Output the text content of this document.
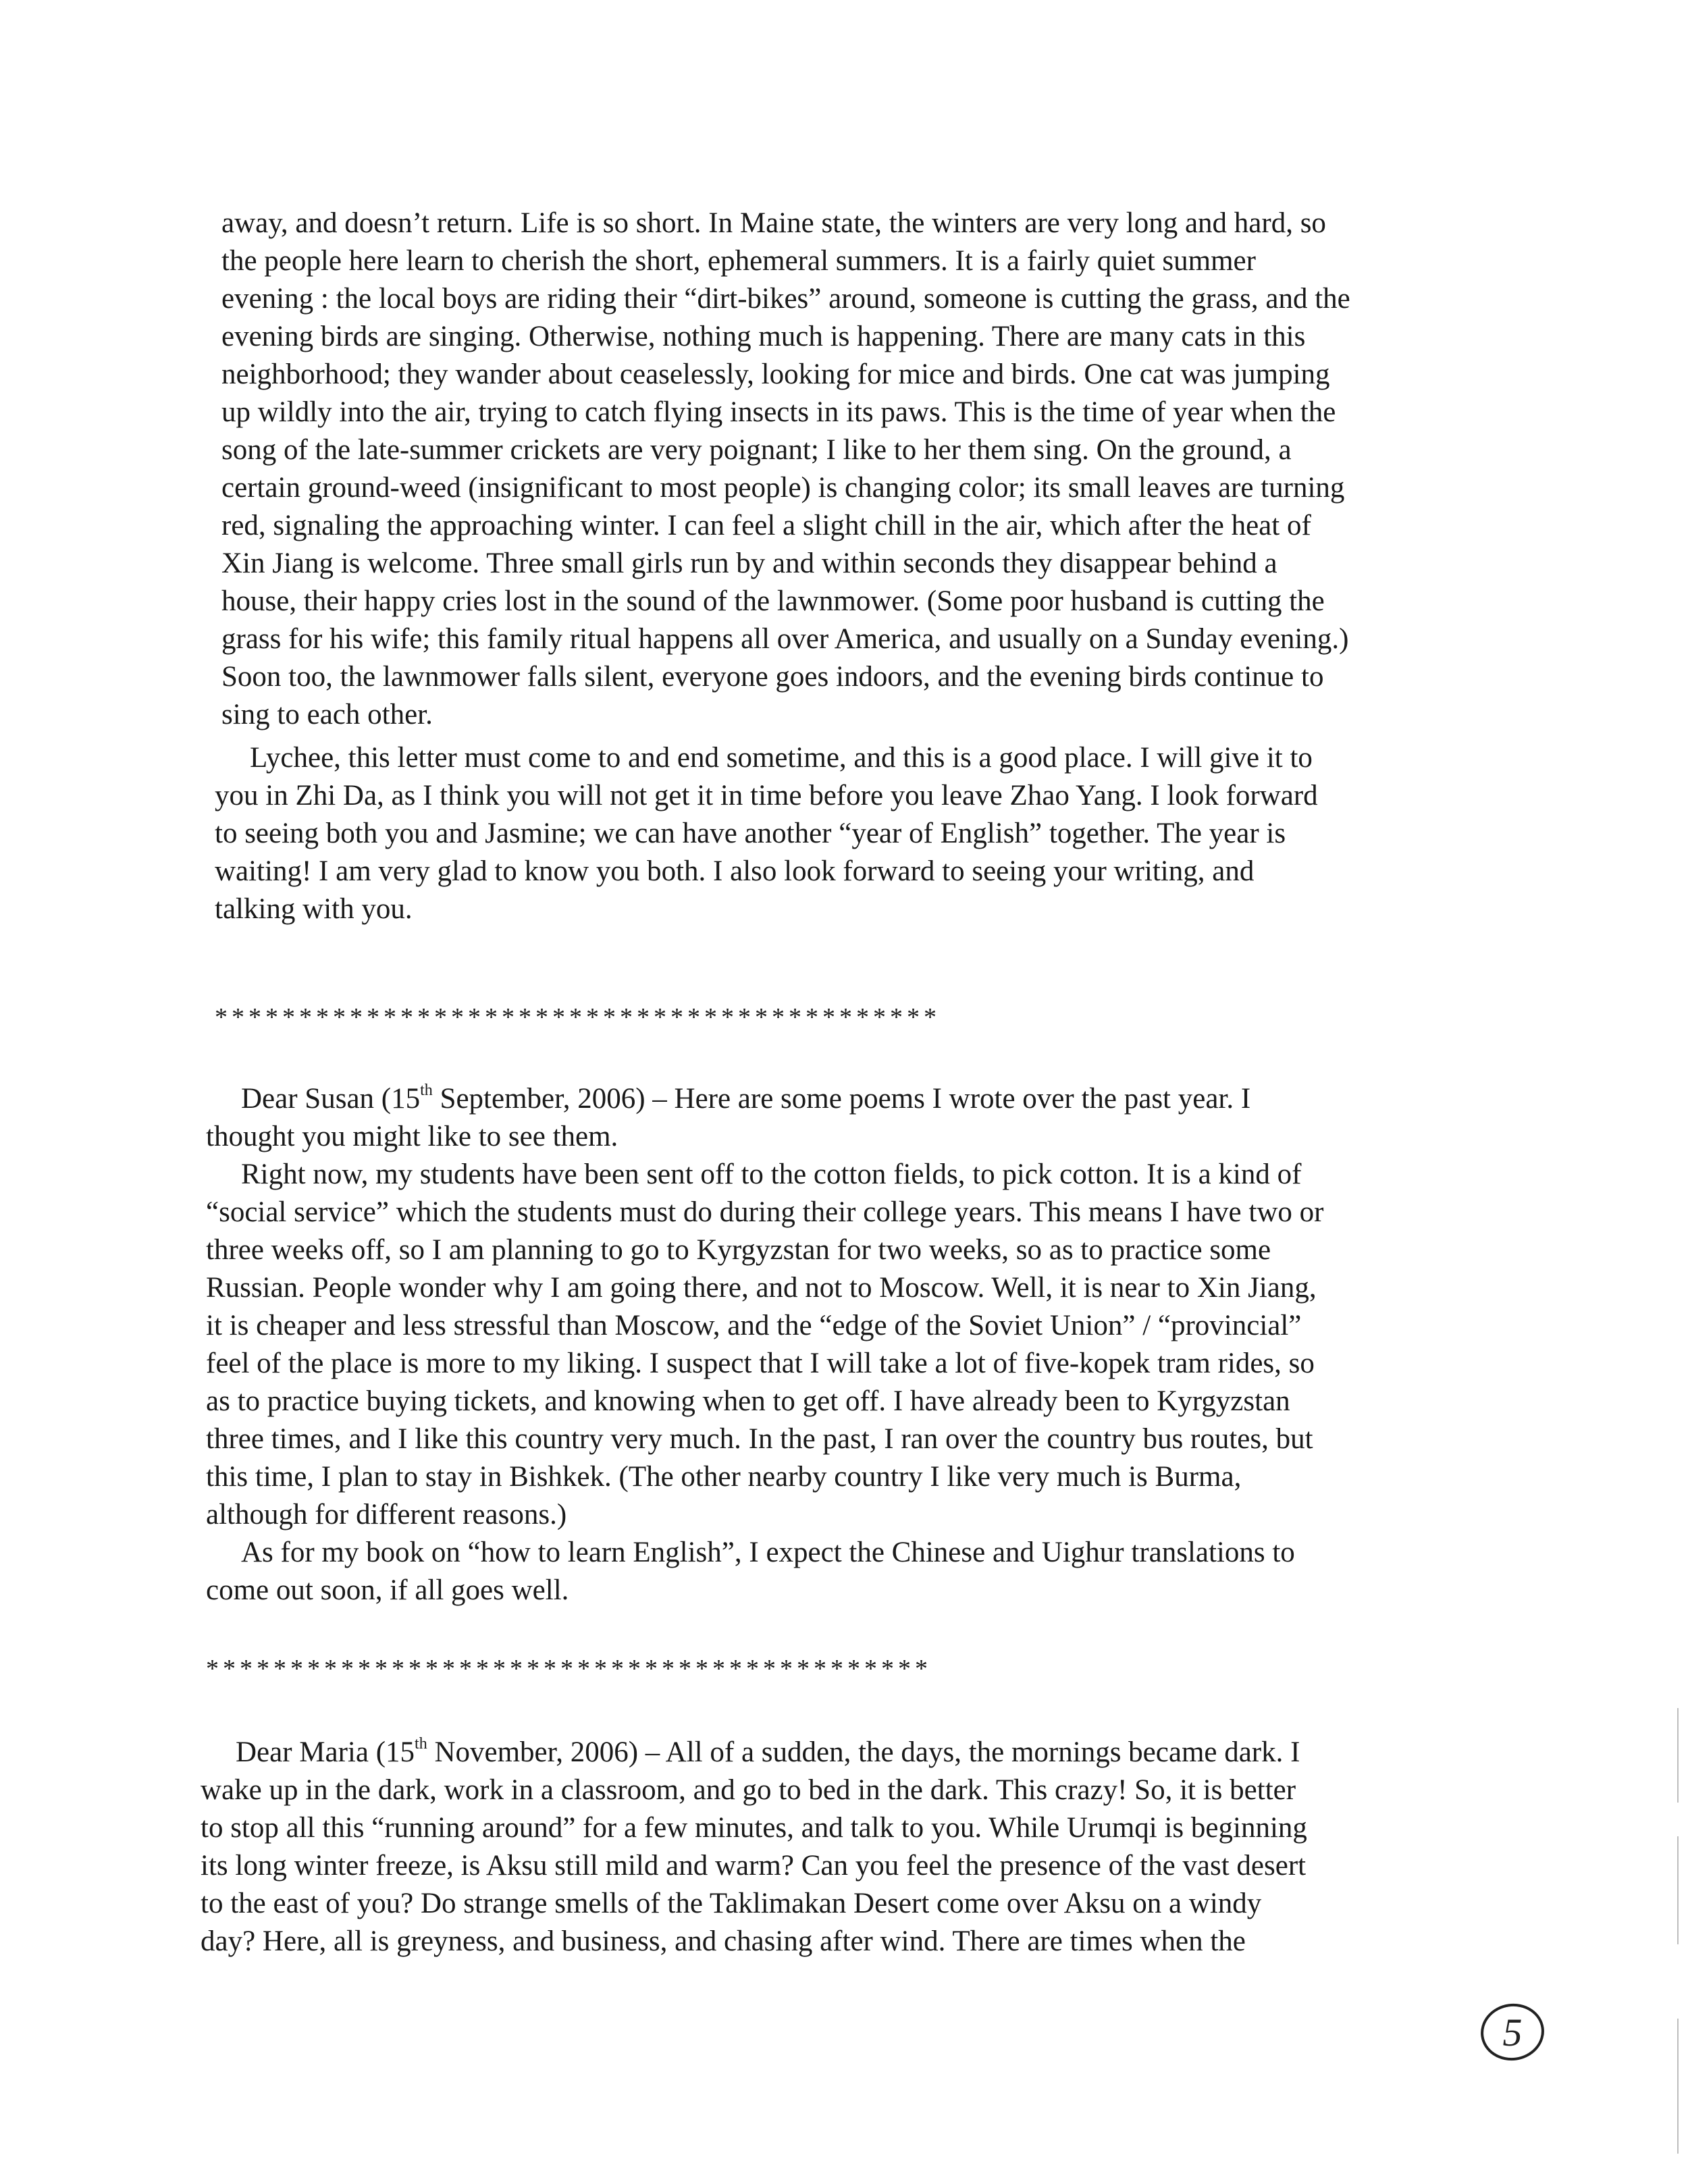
away, and doesn’t return. Life is so short. In Maine state, the winters are very long and hard, so

the people here learn to cherish the short, ephemeral summers. It is a fairly quiet summer

evening : the local boys are riding their “dirt-bikes” around, someone is cutting the grass, and the

evening birds are singing. Otherwise, nothing much is happening. There are many cats in this

neighborhood; they wander about ceaselessly, looking for mice and birds. One cat was jumping

up wildly into the air, trying to catch flying insects in its paws. This is the time of year when the

song of the late-summer crickets are very poignant; I like to her them sing. On the ground, a

certain ground-weed (insignificant to most people) is changing color; its small leaves are turning

red, signaling the approaching winter. I can feel a slight chill in the air, which after the heat of

Xin Jiang is welcome. Three small girls run by and within seconds they disappear behind a

house, their happy cries lost in the sound of the lawnmower. (Some poor husband is cutting the

grass for his wife; this family ritual happens all over America, and usually on a Sunday evening.)

Soon too, the lawnmower falls silent, everyone goes indoors, and the evening birds continue to

sing to each other.

Lychee, this letter must come to and end sometime, and this is a good place. I will give it to

you in Zhi Da, as I think you will not get it in time before you leave Zhao Yang. I look forward

to seeing both you and Jasmine; we can have another “year of English” together. The year is

waiting! I am very glad to know you both. I also look forward to seeing your writing, and

talking with you.

*******************************************

Dear Susan (15th September, 2006) – Here are some poems I wrote over the past year. I

thought you might like to see them.

Right now, my students have been sent off to the cotton fields, to pick cotton. It is a kind of

“social service” which the students must do during their college years. This means I have two or

three weeks off, so I am planning to go to Kyrgyzstan for two weeks, so as to practice some

Russian. People wonder why I am going there, and not to Moscow. Well, it is near to Xin Jiang,

it is cheaper and less stressful than Moscow, and the “edge of the Soviet Union” / “provincial”

feel of the place is more to my liking. I suspect that I will take a lot of five-kopek tram rides, so

as to practice buying tickets, and knowing when to get off. I have already been to Kyrgyzstan

three times, and I like this country very much. In the past, I ran over the country bus routes, but

this time, I plan to stay in Bishkek. (The other nearby country I like very much is Burma,

although for different reasons.)

As for my book on “how to learn English”, I expect the Chinese and Uighur translations to

come out soon, if all goes well.

*******************************************

Dear Maria (15th November, 2006) – All of a sudden, the days, the mornings became dark. I

wake up in the dark, work in a classroom, and go to bed in the dark. This crazy! So, it is better

to stop all this “running around” for a few minutes, and talk to you. While Urumqi is beginning

its long winter freeze, is Aksu still mild and warm? Can you feel the presence of the vast desert

to the east of you? Do strange smells of the Taklimakan Desert come over Aksu on a windy

day? Here, all is greyness, and business, and chasing after wind. There are times when the

5
